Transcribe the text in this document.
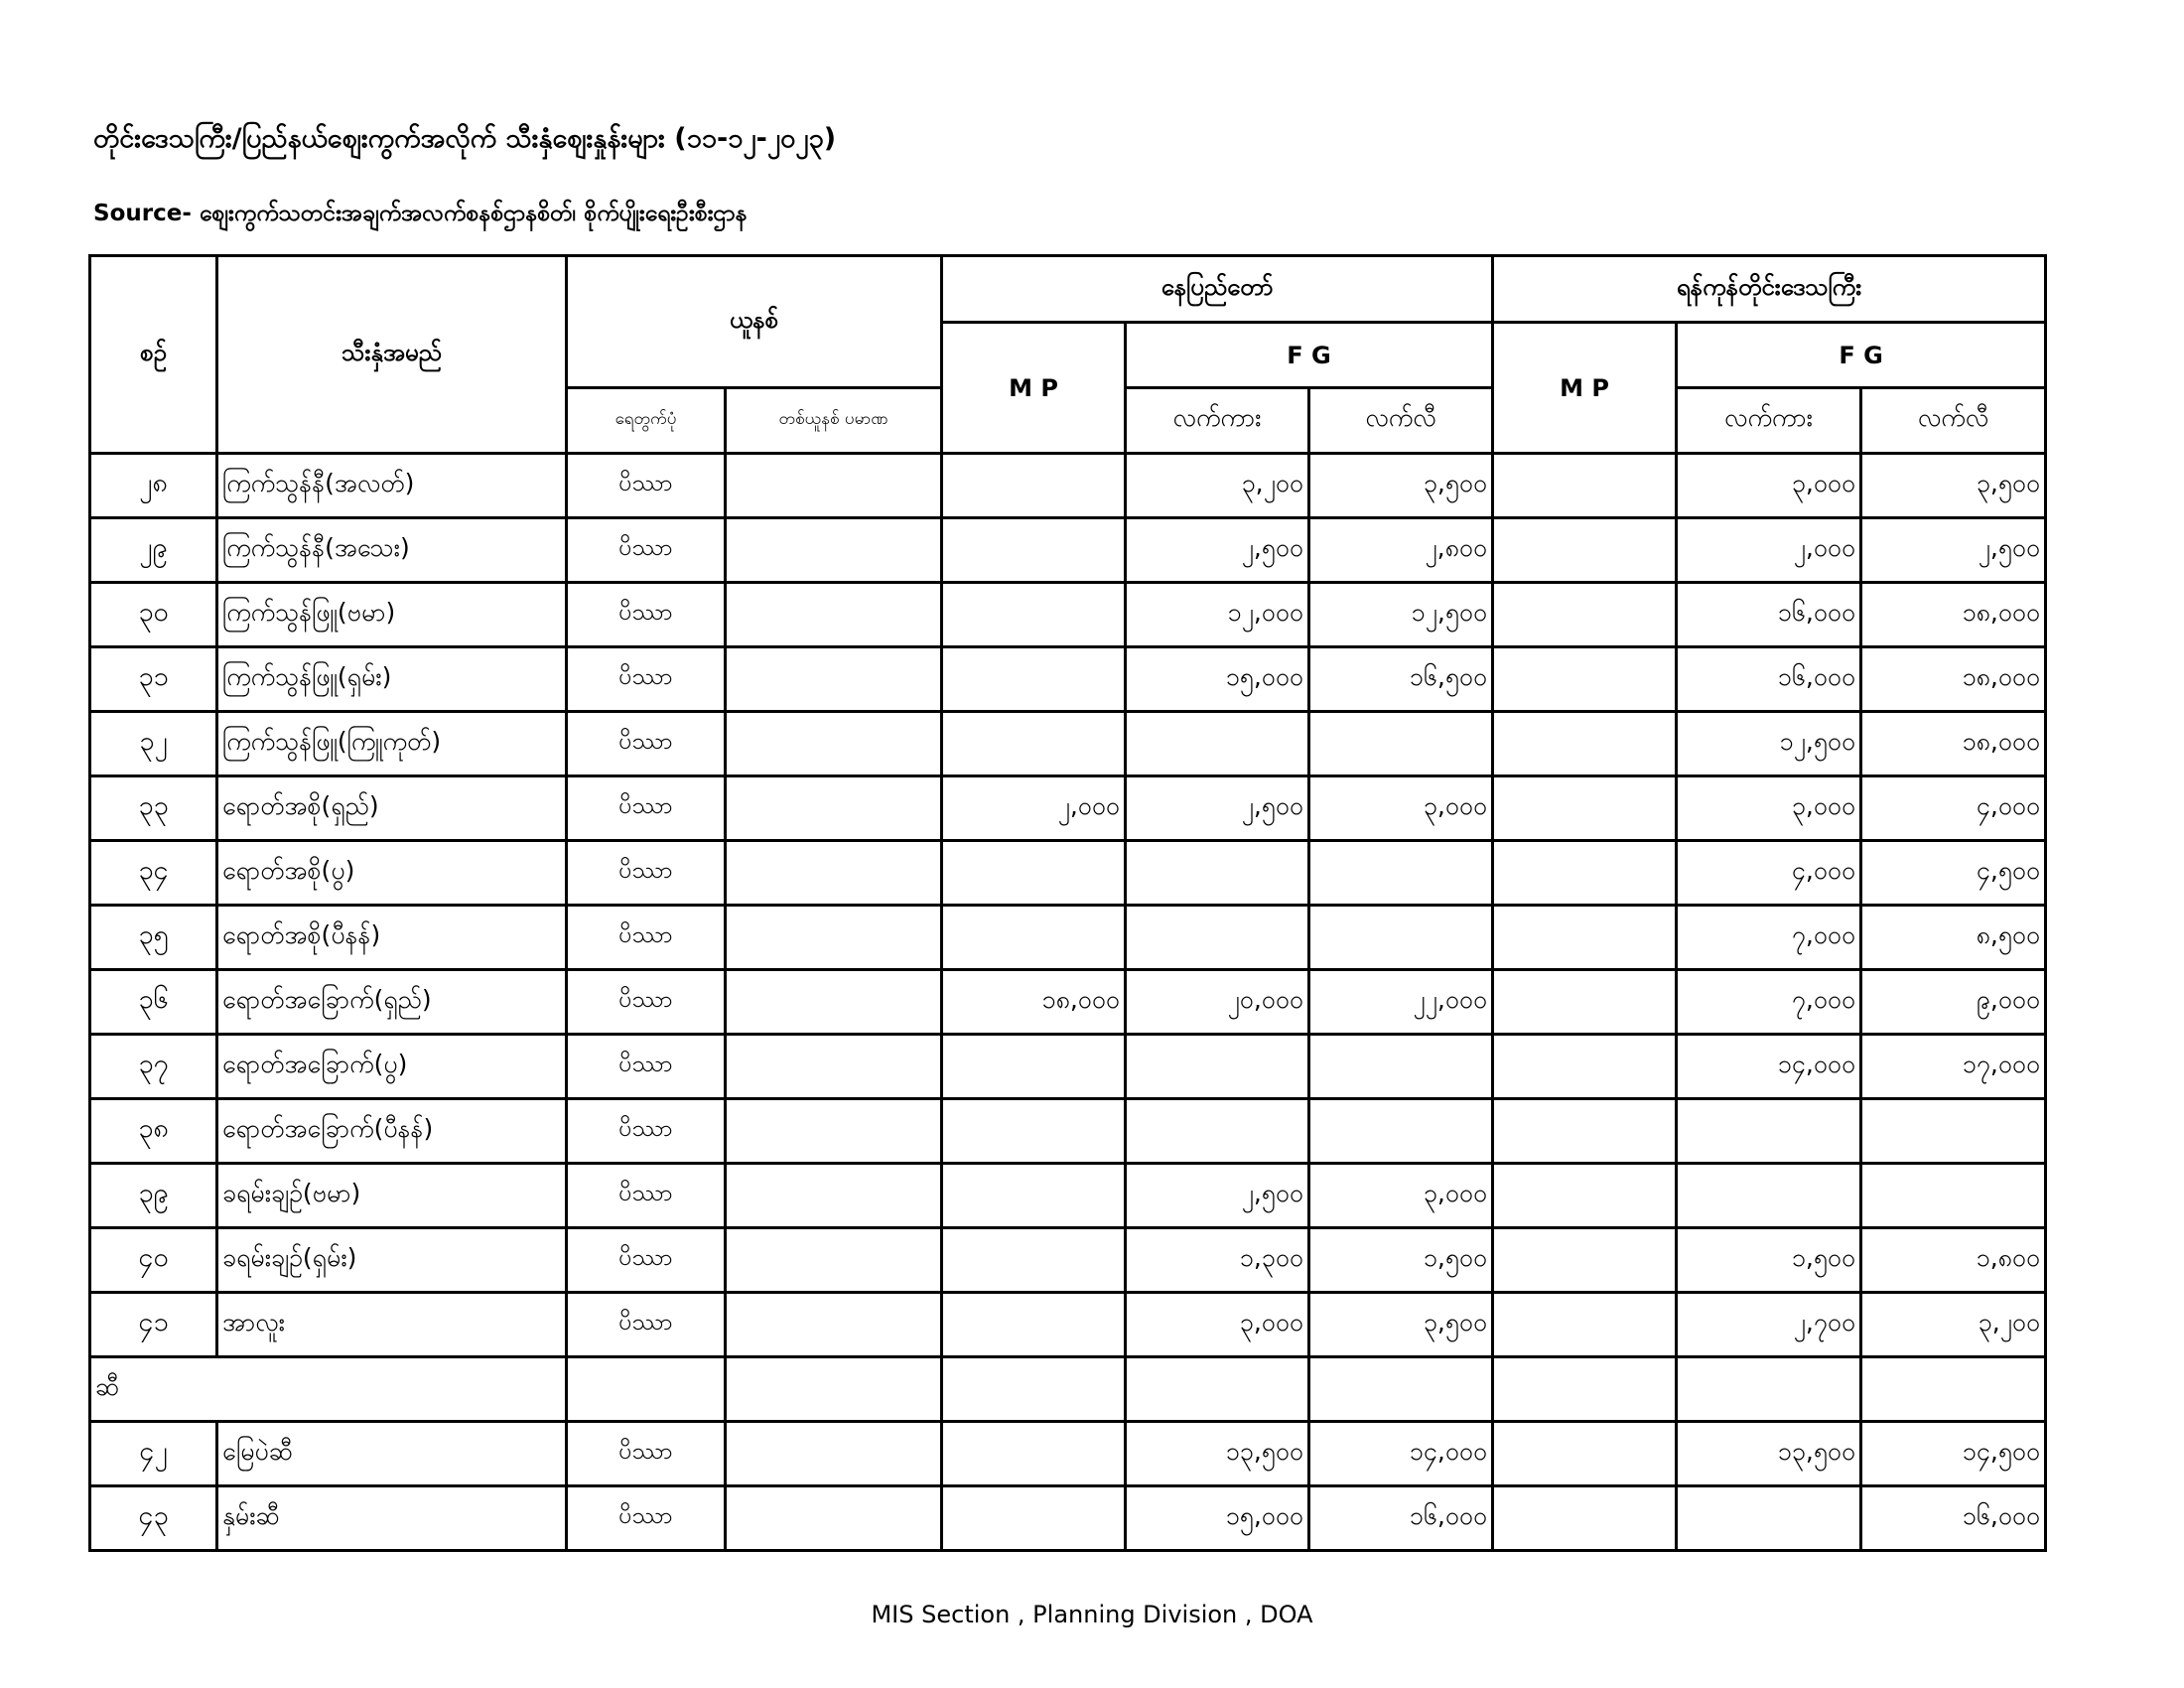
တိုင်းဒေသကြီး/ပြည်နယ်စျေးကွက်အလိုက် သီးနှံစျေးနှုန်းများ (၁၁-၁၂-၂၀၂၃)
Source- စျေးကွက်သတင်းအချက်အလက်စနစ်ဌာနစိတ်၊ စိုက်ပျိုးရေးဦးစီးဌာန
စဉ်	သီးနှံအမည်	ယူနစ်		နေပြည်တော်			ရန်ကုန်တိုင်းဒေသကြီး		
				M P	F G		M P	F G	
		ရေတွက်ပုံ	တစ်ယူနစ် ပမာဏ		လက်ကား	လက်လီ		လက်ကား	လက်လီ
၂၈	ကြက်သွန်နီ(အလတ်)	ပိဿာ			၃,၂၀၀	၃,၅၀၀		၃,၀၀၀	၃,၅၀၀
၂၉	ကြက်သွန်နီ(အသေး)	ပိဿာ			၂,၅၀၀	၂,၈၀၀		၂,၀၀၀	၂,၅၀၀
၃၀	ကြက်သွန်ဖြူ(ဗမာ)	ပိဿာ			၁၂,၀၀၀	၁၂,၅၀၀		၁၆,၀၀၀	၁၈,၀၀၀
၃၁	ကြက်သွန်ဖြူ(ရှမ်း)	ပိဿာ			၁၅,၀၀၀	၁၆,၅၀၀		၁၆,၀၀၀	၁၈,၀၀၀
၃၂	ကြက်သွန်ဖြူ(ကြူကုတ်)	ပိဿာ						၁၂,၅၀၀	၁၈,၀၀၀
၃၃	ရောတ်အစို(ရှည်)	ပိဿာ		၂,၀၀၀	၂,၅၀၀	၃,၀၀၀		၃,၀၀၀	၄,၀၀၀
၃၄	ရောတ်အစို(ပွ)	ပိဿာ						၄,၀၀၀	၄,၅၀၀
၃၅	ရောတ်အစို(ပီနန်)	ပိဿာ						၇,၀၀၀	၈,၅၀၀
၃၆	ရောတ်အခြောက်(ရှည်)	ပိဿာ		၁၈,၀၀၀	၂၀,၀၀၀	၂၂,၀၀၀		၇,၀၀၀	၉,၀၀၀
၃၇	ရောတ်အခြောက်(ပွ)	ပိဿာ						၁၄,၀၀၀	၁၇,၀၀၀
၃၈	ရောတ်အခြောက်(ပီနန်)	ပိဿာ							
၃၉	ခရမ်းချဉ်(ဗမာ)	ပိဿာ			၂,၅၀၀	၃,၀၀၀			
၄၀	ခရမ်းချဉ်(ရှမ်း)	ပိဿာ			၁,၃၀၀	၁,၅၀၀		၁,၅၀၀	၁,၈၀၀
၄၁	အာလူး	ပိဿာ			၃,၀၀၀	၃,၅၀၀		၂,၇၀၀	၃,၂၀၀
ဆီ									
၄၂	မြေပဲဆီ	ပိဿာ			၁၃,၅၀၀	၁၄,၀၀၀		၁၃,၅၀၀	၁၄,၅၀၀
၄၃	နှမ်းဆီ	ပိဿာ			၁၅,၀၀၀	၁၆,၀၀၀			၁၆,၀၀၀
MIS Section , Planning Division , DOA
